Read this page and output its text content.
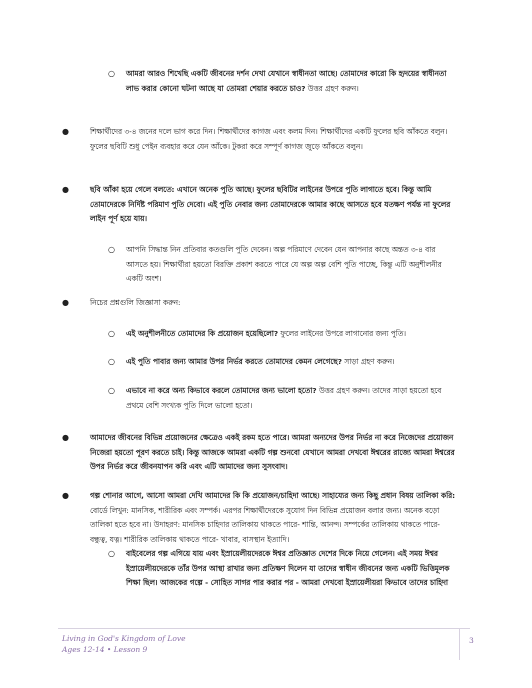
○ আমরা আরও শিখেছি একটি জীবনের দর্শন দেখা যেখানে স্বাধীনতা আছে। তোমাদের কারো কি হৃদয়ের স্বাধীনতা লাভ করার কোনো ঘটনা আছে যা তোমরা শেয়ার করতে চাও? উত্তর গ্রহণ করুন।
●	শিক্ষার্থীদের ৩-৪ জনের দলে ভাগ করে দিন। শিক্ষার্থীদের কাগজ এবং কলম দিন। শিক্ষার্থীদের একটি ফুলের ছবি আঁকতে বলুন। ফুলের ছবিটি শুধু পেইন ব্যবহার করে যেন আঁকে। টুকরা করে সম্পূর্ণ কাগজ জুড়ে আঁকতে বলুন।
●	ছবি আঁকা হয়ে গেলে বলতে: এখানে অনেক পুতি আছে। ফুলের ছবিটির লাইনের উপরে পুতি লাগাতে হবে। কিন্তু আমি তোমাদেরকে নির্দিষ্ট পরিমাণ পুতি দেবো। এই পুতি নেবার জন্য তোমাদেরকে আমার কাছে আসতে হবে যতক্ষণ পর্যন্ত না ফুলের লাইন পূর্ণ হয়ে যায়।
○ আপনি সিদ্ধান্ত নিন প্রতিবার কতগুলি পুতি দেবেন। অল্প পরিমাণে দেবেন যেন আপনার কাছে অন্তত ৩-৪ বার আসতে হয়। শিক্ষার্থীরা হয়তো বিরক্তি প্রকাশ করতে পারে যে অল্প অল্প বেশি পুতি পাচ্ছে, কিন্তু এটি অনুশীলনীর একটি অংশ।
●	নিচের প্রশ্নগুলি জিজ্ঞাসা করুন:
○ এই অনুশীলনীতে তোমাদের কি প্রয়োজন হয়েছিলো? ফুলের লাইনের উপরে লাগানোর জন্য পুতি।
○ এই পুতি পাবার জন্য আমার উপর নির্ভর করতে তোমাদের কেমন লেগেছে? সাড়া গ্রহণ করুন।
○ এভাবে না করে অন্য কিভাবে করলে তোমাদের জন্য ভালো হতো? উত্তর গ্রহণ করুন। তাদের সাড়া হয়তো হবে প্রথমে বেশি সংখ্যক পুতি দিলে ভালো হতো।
●	আমাদের জীবনের বিভিন্ন প্রয়োজনের ক্ষেত্রেও একই রকম হতে পারে। আমরা অন্যদের উপর নির্ভর না করে নিজেদের প্রয়োজন নিজেরা হয়তো পূরণ করতে চাই। কিন্তু আজকে আমরা একটি গল্প শুনবো যেখানে আমরা দেখবো ঈশ্বরের রাজ্যে আমরা ঈশ্বরের উপর নির্ভর করে জীবনযাপন করি এবং এটি আমাদের জন্য সুসংবাদ।
●	গল্প শোনার আগে, আসো আমরা দেখি আমাদের কি কি প্রয়োজন/চাহিদা আছে। সাহায্যের জন্য কিছু প্রধান বিষয় তালিকা করি: বোর্ডে লিখুন: মানসিক, শারীরিক এবং সম্পর্ক। এরপর শিক্ষার্থীদেরকে সুযোগ দিন বিভিন্ন প্রয়োজন বলার জন্য। অনেক বড়ো তালিকা হতে হবে না। উদাহরণ: মানসিক চাহিদার তালিকায় থাকতে পারে- শান্তি, আনন্দ। সম্পর্কের তালিকায় থাকতে পারে- বন্ধুত্ব, যত্ন। শারীরিক তালিকায় থাকতে পারে- খাবার, বাসস্থান ইত্যাদি।
○ বাইবেলের গল্প এগিয়ে যায় এবং ইস্রায়েলীয়দেরকে ঈশ্বর প্রতিজ্ঞাত দেশের দিকে নিয়ে গেলেন। এই সময় ঈশ্বর ইস্রায়েলীয়দেরকে তাঁর উপর আস্থা রাখার জন্য প্রতিক্ষণ দিলেন যা তাদের স্বাধীন জীবনের জন্য একটি ভিত্তিমূলক শিক্ষা ছিল। আজকের গল্পে - সোহিত সাগর পার করার পর - আমরা দেখবো ইস্রায়েলীয়রা কিভাবে তাদের চাহিদা
Living in God's Kingdom of Love
Ages 12-14 • Lesson 9
3
